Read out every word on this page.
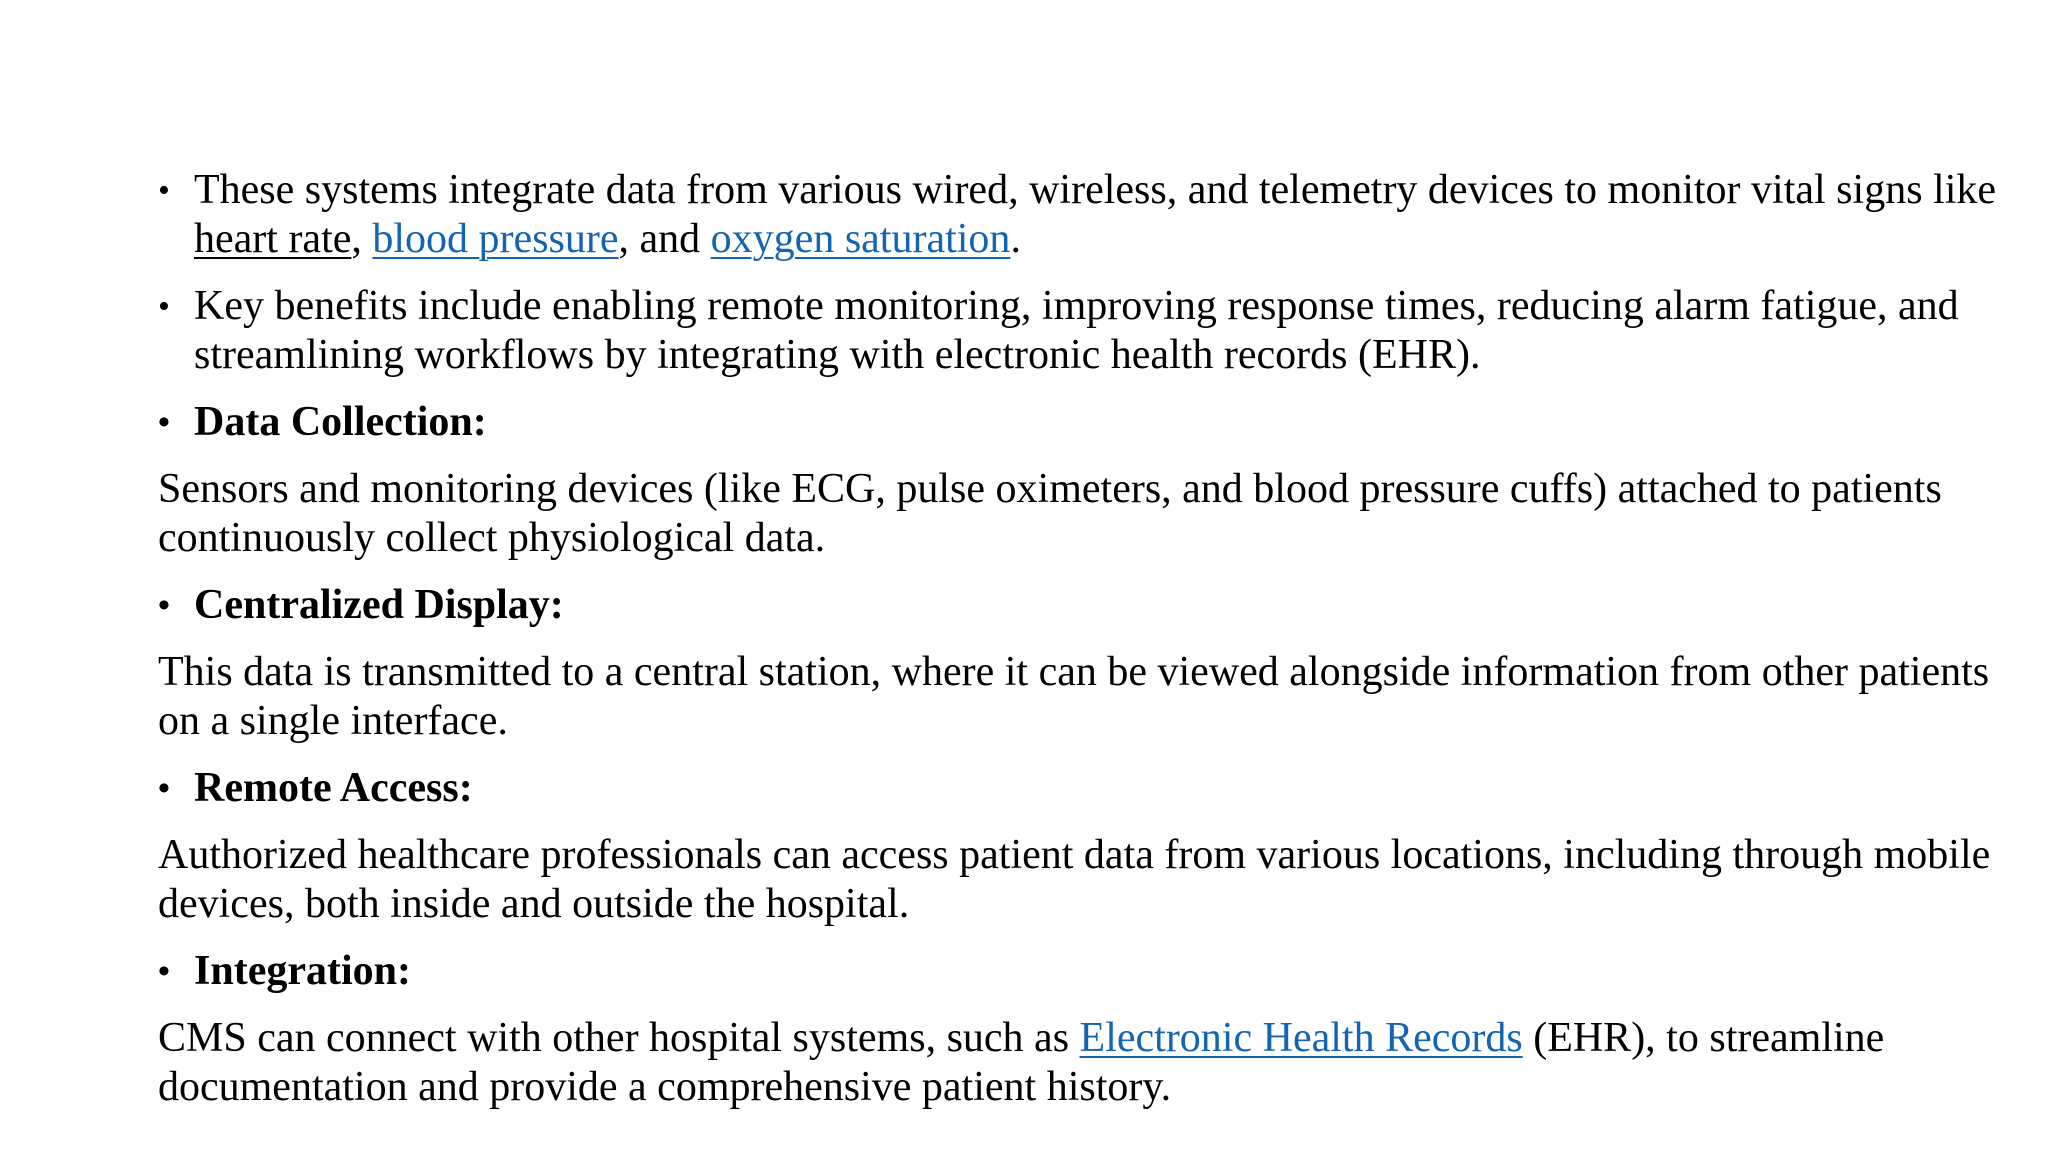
• These systems integrate data from various wired, wireless, and telemetry devices to monitor vital signs like heart rate, blood pressure, and oxygen saturation.
• Key benefits include enabling remote monitoring, improving response times, reducing alarm fatigue, and streamlining workflows by integrating with electronic health records (EHR).
• Data Collection:
Sensors and monitoring devices (like ECG, pulse oximeters, and blood pressure cuffs) attached to patients continuously collect physiological data.
• Centralized Display:
This data is transmitted to a central station, where it can be viewed alongside information from other patients on a single interface.
• Remote Access:
Authorized healthcare professionals can access patient data from various locations, including through mobile devices, both inside and outside the hospital.
• Integration:
CMS can connect with other hospital systems, such as Electronic Health Records (EHR), to streamline documentation and provide a comprehensive patient history.
